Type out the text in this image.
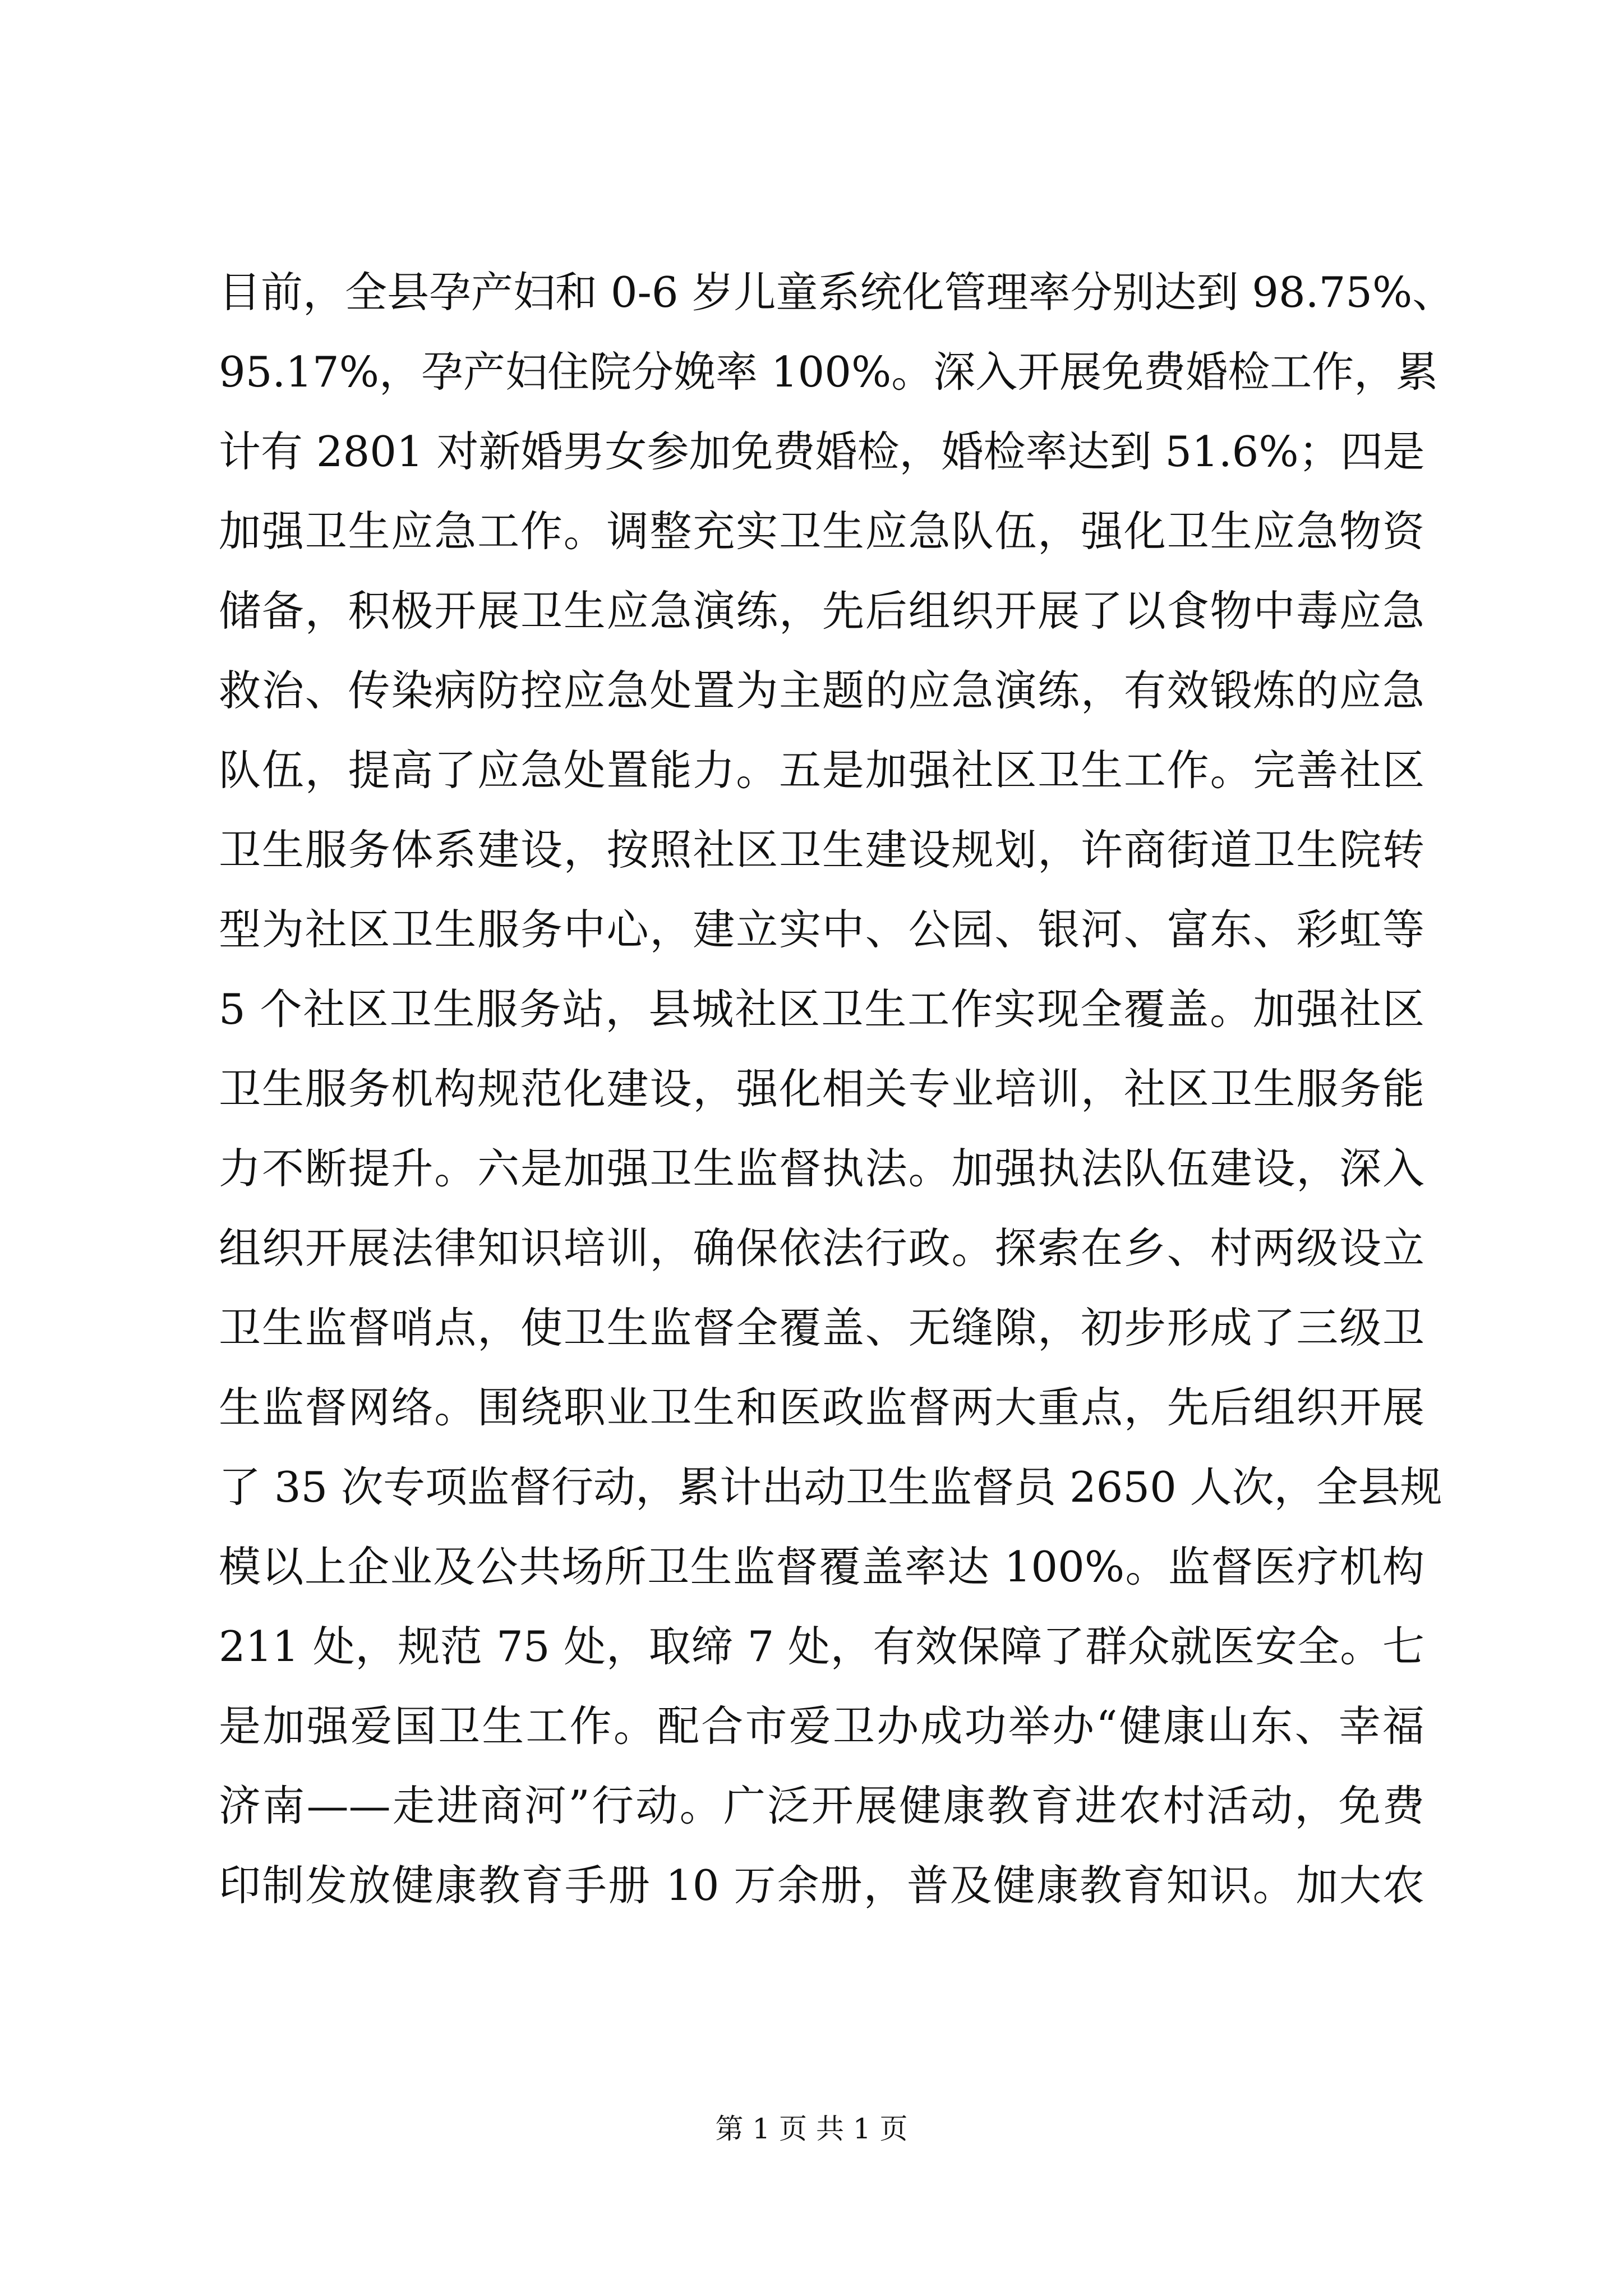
目前，全县孕产妇和 0-6 岁儿童系统化管理率分别达到 98.75%、
95.17%，孕产妇住院分娩率 100%。深入开展免费婚检工作，累
计有 2801 对新婚男女参加免费婚检，婚检率达到 51.6%；四是
加强卫生应急工作。调整充实卫生应急队伍，强化卫生应急物资
储备，积极开展卫生应急演练，先后组织开展了以食物中毒应急
救治、传染病防控应急处置为主题的应急演练，有效锻炼的应急
队伍，提高了应急处置能力。五是加强社区卫生工作。完善社区
卫生服务体系建设，按照社区卫生建设规划，许商街道卫生院转
型为社区卫生服务中心，建立实中、公园、银河、富东、彩虹等
5 个社区卫生服务站，县城社区卫生工作实现全覆盖。加强社区
卫生服务机构规范化建设，强化相关专业培训，社区卫生服务能
力不断提升。六是加强卫生监督执法。加强执法队伍建设，深入
组织开展法律知识培训，确保依法行政。探索在乡、村两级设立
卫生监督哨点，使卫生监督全覆盖、无缝隙，初步形成了三级卫
生监督网络。围绕职业卫生和医政监督两大重点，先后组织开展
了 35 次专项监督行动，累计出动卫生监督员 2650 人次，全县规
模以上企业及公共场所卫生监督覆盖率达 100%。监督医疗机构
211 处，规范 75 处，取缔 7 处，有效保障了群众就医安全。七
是加强爱国卫生工作。配合市爱卫办成功举办“健康山东、幸福
济南——走进商河”行动。广泛开展健康教育进农村活动，免费
印制发放健康教育手册 10 万余册，普及健康教育知识。加大农
第 1 页 共 1 页
